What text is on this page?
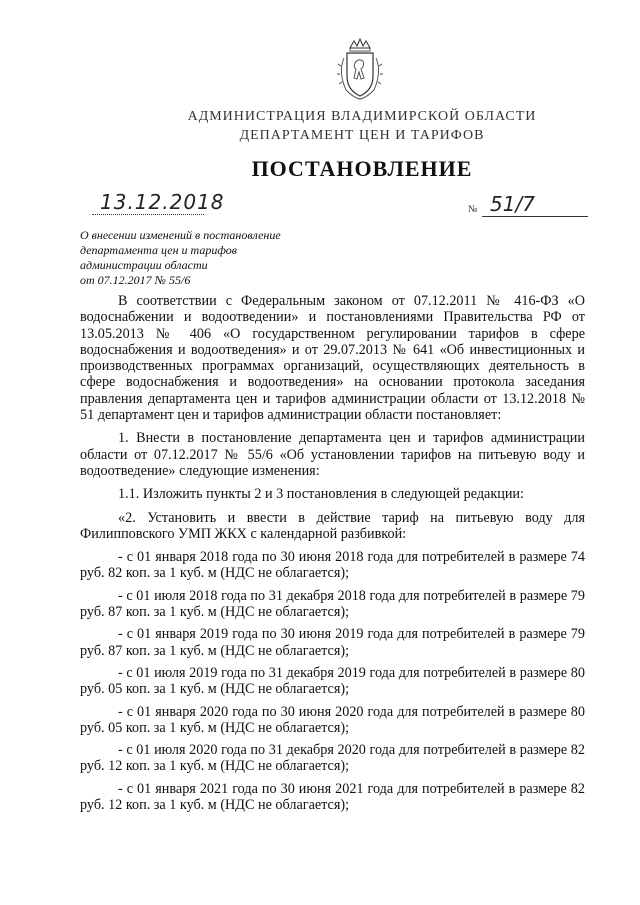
АДМИНИСТРАЦИЯ ВЛАДИМИРСКОЙ ОБЛАСТИ
ДЕПАРТАМЕНТ ЦЕН И ТАРИФОВ
ПОСТАНОВЛЕНИЕ
13.12.2018	№ 51/7
О внесении изменений в постановление
департамента цен и тарифов
администрации области
от 07.12.2017 № 55/6

В соответствии с Федеральным законом от 07.12.2011 № 416-ФЗ «О водоснабжении и водоотведении» и постановлениями Правительства РФ от 13.05.2013 № 406 «О государственном регулировании тарифов в сфере водоснабжения и водоотведения» и от 29.07.2013 № 641 «Об инвестиционных и производственных программах организаций, осуществляющих деятельность в сфере водоснабжения и водоотведения» на основании протокола заседания правления департамента цен и тарифов администрации области от 13.12.2018 № 51 департамент цен и тарифов администрации области постановляет:

1. Внести в постановление департамента цен и тарифов администрации области от 07.12.2017 № 55/6 «Об установлении тарифов на питьевую воду и водоотведение» следующие изменения:

1.1. Изложить пункты 2 и 3 постановления в следующей редакции:

«2. Установить и ввести в действие тариф на питьевую воду для Филипповского УМП ЖКХ с календарной разбивкой:

- с 01 января 2018 года по 30 июня 2018 года для потребителей в размере 74 руб. 82 коп. за 1 куб. м (НДС не облагается);

- с 01 июля 2018 года по 31 декабря 2018 года для потребителей в размере 79 руб. 87 коп. за 1 куб. м (НДС не облагается);

- с 01 января 2019 года по 30 июня 2019 года для потребителей в размере 79 руб. 87 коп. за 1 куб. м (НДС не облагается);

- с 01 июля 2019 года по 31 декабря 2019 года для потребителей в размере 80 руб. 05 коп. за 1 куб. м (НДС не облагается);

- с 01 января 2020 года по 30 июня 2020 года для потребителей в размере 80 руб. 05 коп. за 1 куб. м (НДС не облагается);

- с 01 июля 2020 года по 31 декабря 2020 года для потребителей в размере 82 руб. 12 коп. за 1 куб. м (НДС не облагается);

- с 01 января 2021 года по 30 июня 2021 года для потребителей в размере 82 руб. 12 коп. за 1 куб. м (НДС не облагается);
